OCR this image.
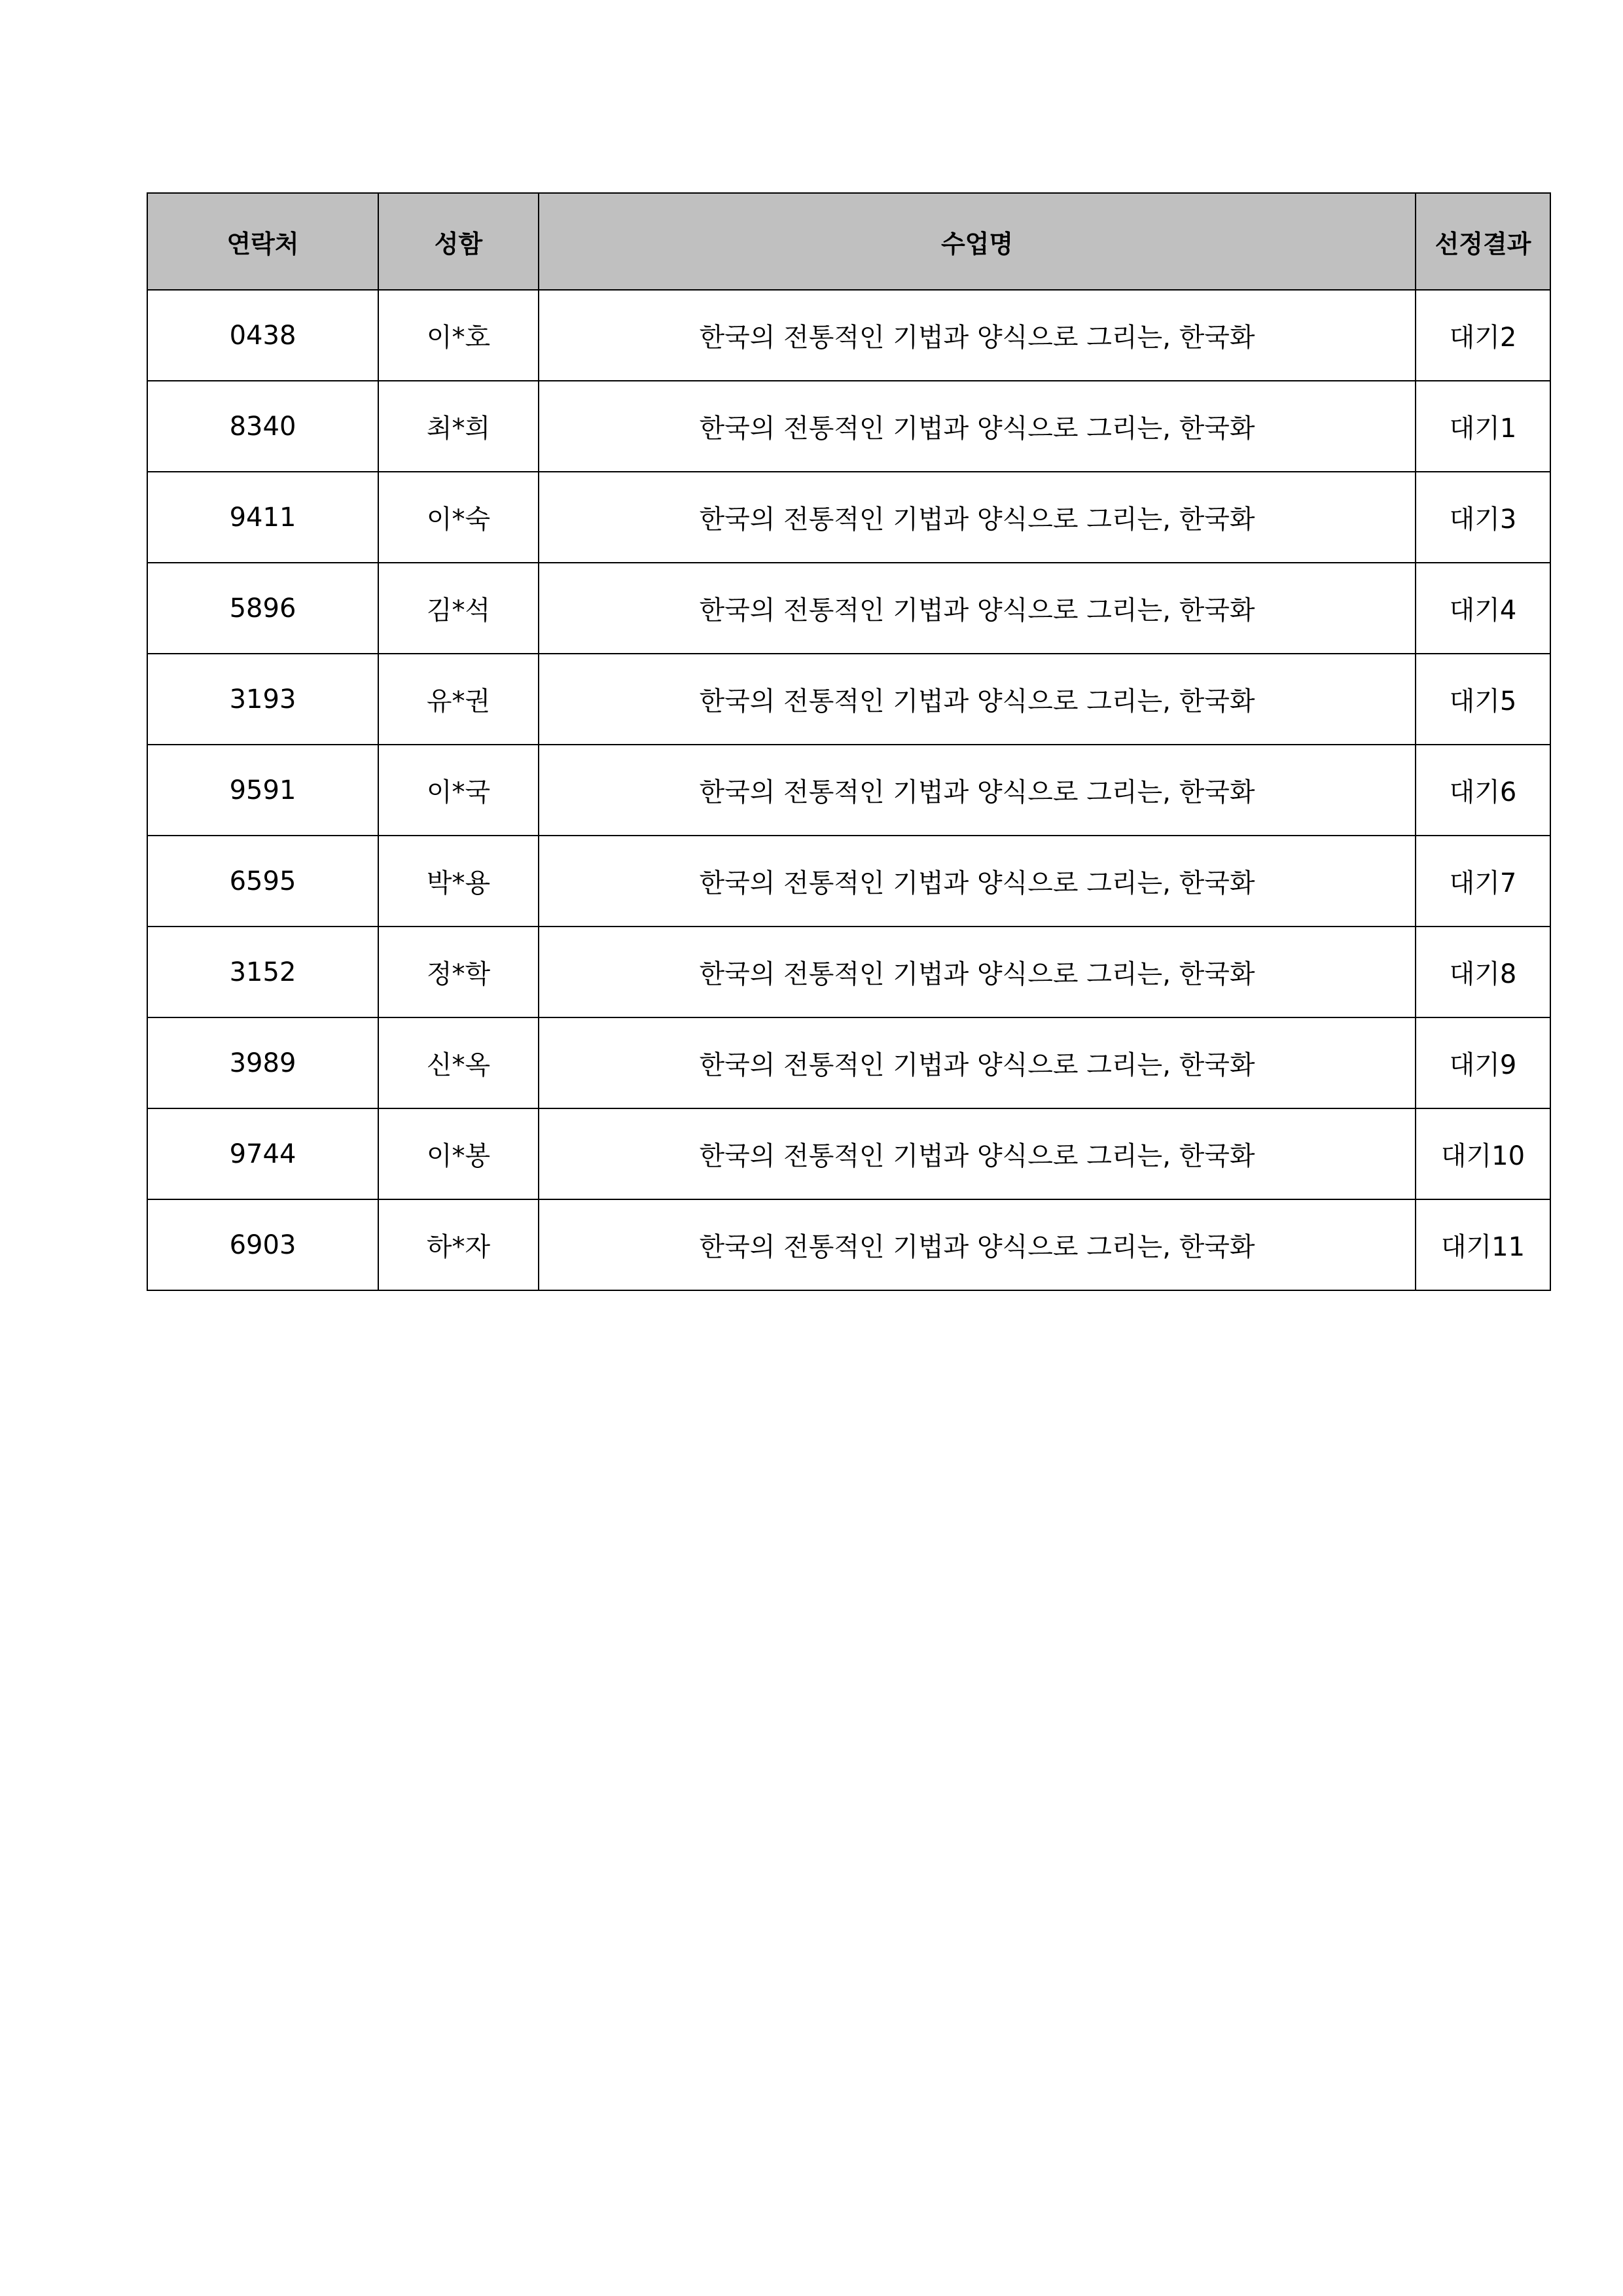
연락처	성함	수업명	선정결과
0438	이*호	한국의 전통적인 기법과 양식으로 그리는, 한국화	대기2
8340	최*희	한국의 전통적인 기법과 양식으로 그리는, 한국화	대기1
9411	이*숙	한국의 전통적인 기법과 양식으로 그리는, 한국화	대기3
5896	김*석	한국의 전통적인 기법과 양식으로 그리는, 한국화	대기4
3193	유*권	한국의 전통적인 기법과 양식으로 그리는, 한국화	대기5
9591	이*국	한국의 전통적인 기법과 양식으로 그리는, 한국화	대기6
6595	박*용	한국의 전통적인 기법과 양식으로 그리는, 한국화	대기7
3152	정*학	한국의 전통적인 기법과 양식으로 그리는, 한국화	대기8
3989	신*옥	한국의 전통적인 기법과 양식으로 그리는, 한국화	대기9
9744	이*봉	한국의 전통적인 기법과 양식으로 그리는, 한국화	대기10
6903	하*자	한국의 전통적인 기법과 양식으로 그리는, 한국화	대기11
